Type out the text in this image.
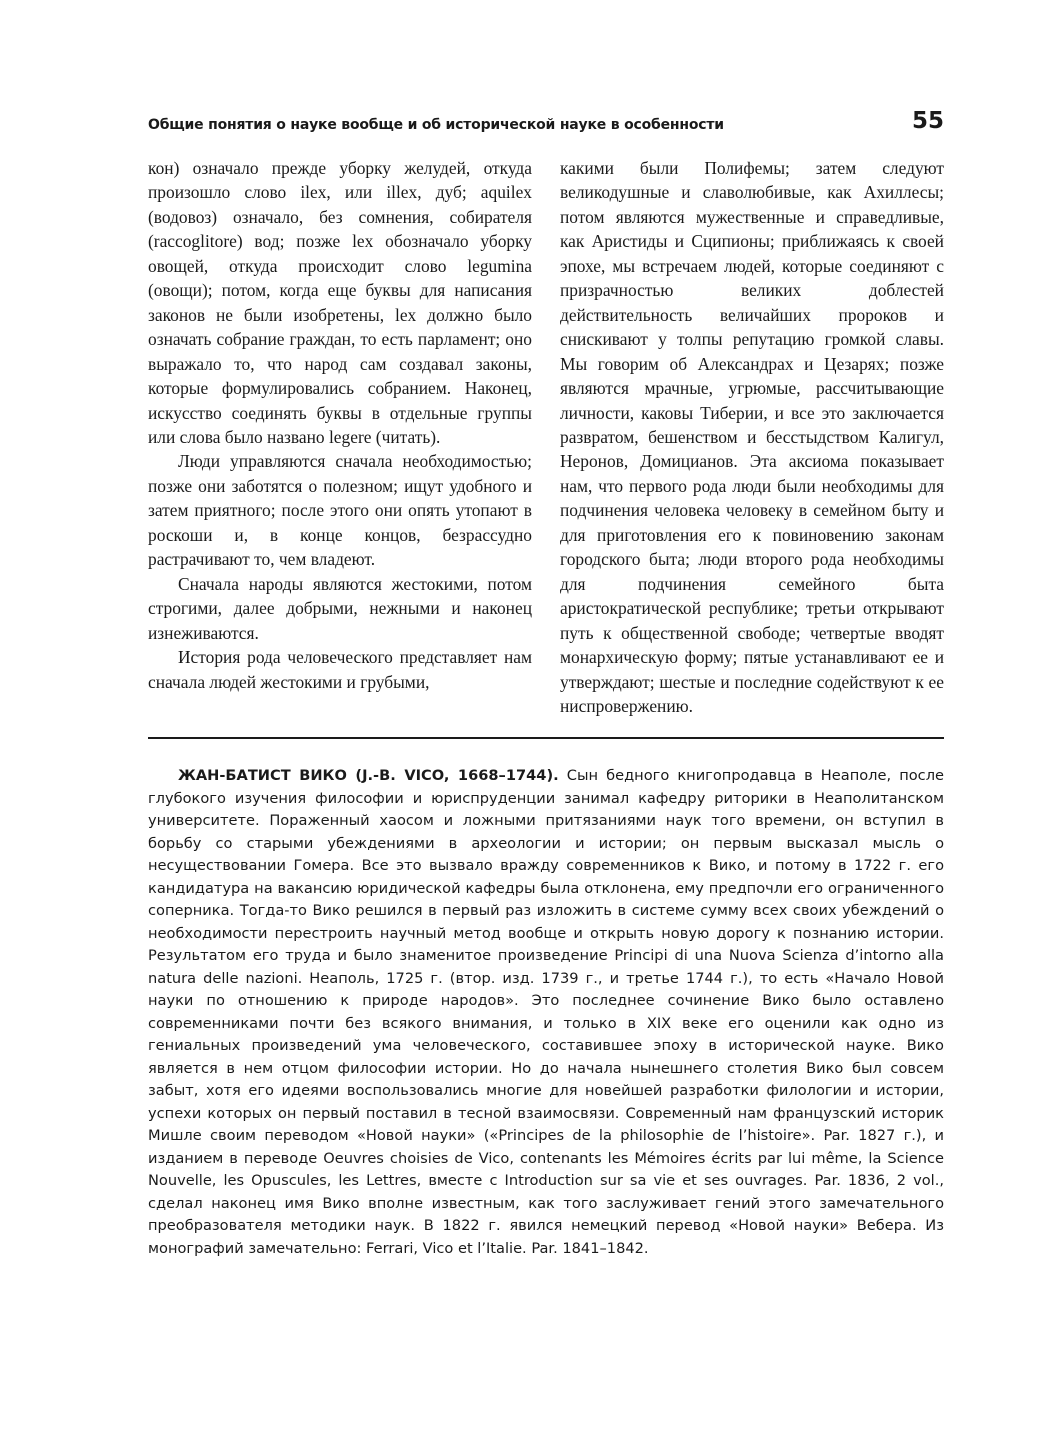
Общие понятия о науке вообще и об исторической науке в особенности	55

кон) означало прежде уборку желудей, откуда произошло слово ilex, или illex, дуб; aquilex (водовоз) означало, без сомнения, собирателя (raccoglitore) вод; позже lex обозначало уборку овощей, откуда происходит слово legumina (овощи); потом, когда еще буквы для написания законов не были изобретены, lex должно было означать собрание граждан, то есть парламент; оно выражало то, что народ сам создавал законы, которые формулировались собранием. Наконец, искусство соединять буквы в отдельные группы или слова было названо legere (читать).

Люди управляются сначала необходимостью; позже они заботятся о полезном; ищут удобного и затем приятного; после этого они опять утопают в роскоши и, в конце концов, безрассудно растрачивают то, чем владеют.

Сначала народы являются жестокими, потом строгими, далее добрыми, нежными и наконец изнеживаются.

История рода человеческого представляет нам сначала людей жестокими и грубыми,

какими были Полифемы; затем следуют великодушные и славолюбивые, как Ахиллесы; потом являются мужественные и справедливые, как Аристиды и Сципионы; приближаясь к своей эпохе, мы встречаем людей, которые соединяют с призрачностью великих доблестей действительность величайших пророков и снискивают у толпы репутацию громкой славы. Мы говорим об Александрах и Цезарях; позже являются мрачные, угрюмые, рассчитывающие личности, каковы Тиберии, и все это заключается развратом, бешенством и бесстыдством Калигул, Неронов, Домицианов. Эта аксиома показывает нам, что первого рода люди были необходимы для подчинения человека человеку в семейном быту и для приготовления его к повиновению законам городского быта; люди второго рода необходимы для подчинения семейного быта аристократической республике; третьи открывают путь к общественной свободе; четвертые вводят монархическую форму; пятые устанавливают ее и утверждают; шестые и последние содействуют к ее ниспровержению.

ЖАН-БАТИСТ ВИКО (J.-B. VICO, 1668–1744). Сын бедного книгопродавца в Неаполе, после глубокого изучения философии и юриспруденции занимал кафедру риторики в Неаполитанском университете. Пораженный хаосом и ложными притязаниями наук того времени, он вступил в борьбу со старыми убеждениями в археологии и истории; он первым высказал мысль о несуществовании Гомера. Все это вызвало вражду современников к Вико, и потому в 1722 г. его кандидатура на вакансию юридической кафедры была отклонена, ему предпочли его ограниченного соперника. Тогда-то Вико решился в первый раз изложить в системе сумму всех своих убеждений о необходимости перестроить научный метод вообще и открыть новую дорогу к познанию истории. Результатом его труда и было знаменитое произведение Principi di una Nuova Scienza d’intorno alla natura delle nazioni. Неаполь, 1725 г. (втор. изд. 1739 г., и третье 1744 г.), то есть «Начало Новой науки по отношению к природе народов». Это последнее сочинение Вико было оставлено современниками почти без всякого внимания, и только в XIX веке его оценили как одно из гениальных произведений ума человеческого, составившее эпоху в исторической науке. Вико является в нем отцом философии истории. Но до начала нынешнего столетия Вико был совсем забыт, хотя его идеями воспользовались многие для новейшей разработки филологии и истории, успехи которых он первый поставил в тесной взаимосвязи. Современный нам французский историк Мишле своим переводом «Новой науки» («Principes de la philosophie de l’histoire». Par. 1827 г.), и изданием в переводе Oeuvres choisies de Vico, contenants les Mémoires écrits par lui même, la Science Nouvelle, les Opuscules, les Lettres, вместе с Introduction sur sa vie et ses ouvrages. Par. 1836, 2 vol., сделал наконец имя Вико вполне известным, как того заслуживает гений этого замечательного преобразователя методики наук. В 1822 г. явился немецкий перевод «Новой науки» Вебера. Из монографий замечательно: Ferrari, Vico et l’Italie. Par. 1841–1842.
